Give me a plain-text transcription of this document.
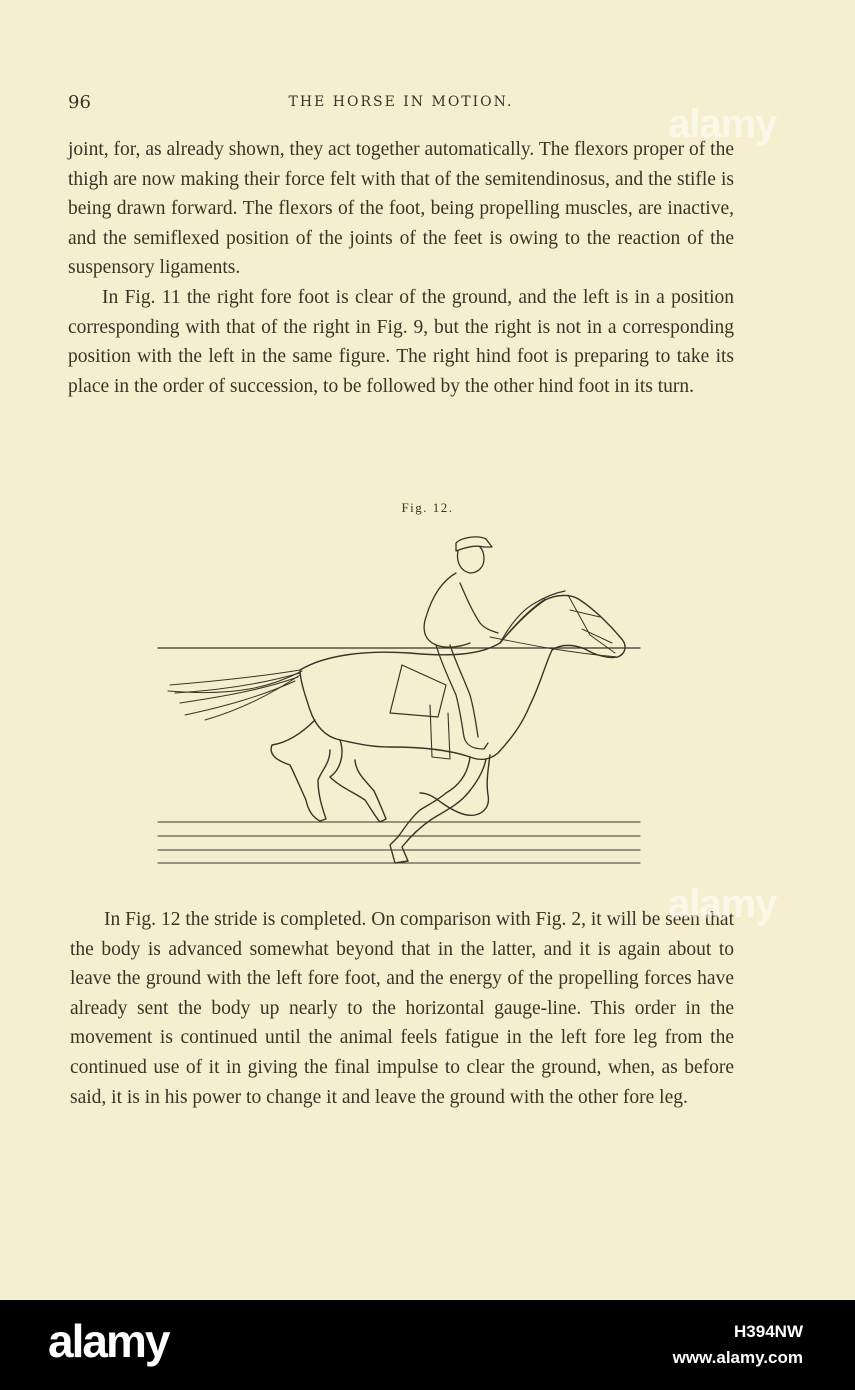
96	THE HORSE IN MOTION.

joint, for, as already shown, they act together automatically. The flexors proper of the thigh are now making their force felt with that of the semitendinosus, and the stifle is being drawn forward. The flexors of the foot, being propelling muscles, are inactive, and the semiflexed position of the joints of the feet is owing to the reaction of the suspensory ligaments.

In Fig. 11 the right fore foot is clear of the ground, and the left is in a position corresponding with that of the right in Fig. 9, but the right is not in a corresponding position with the left in the same figure. The right hind foot is preparing to take its place in the order of succession, to be followed by the other hind foot in its turn.

Fig. 12.

In Fig. 12 the stride is completed. On comparison with Fig. 2, it will be seen that the body is advanced somewhat beyond that in the latter, and it is again about to leave the ground with the left fore foot, and the energy of the propelling forces have already sent the body up nearly to the horizontal gauge-line. This order in the movement is continued until the animal feels fatigue in the left fore leg from the continued use of it in giving the final impulse to clear the ground, when, as before said, it is in his power to change it and leave the ground with the other fore leg.

alamy
alamy
alamy	H394NW
www.alamy.com
